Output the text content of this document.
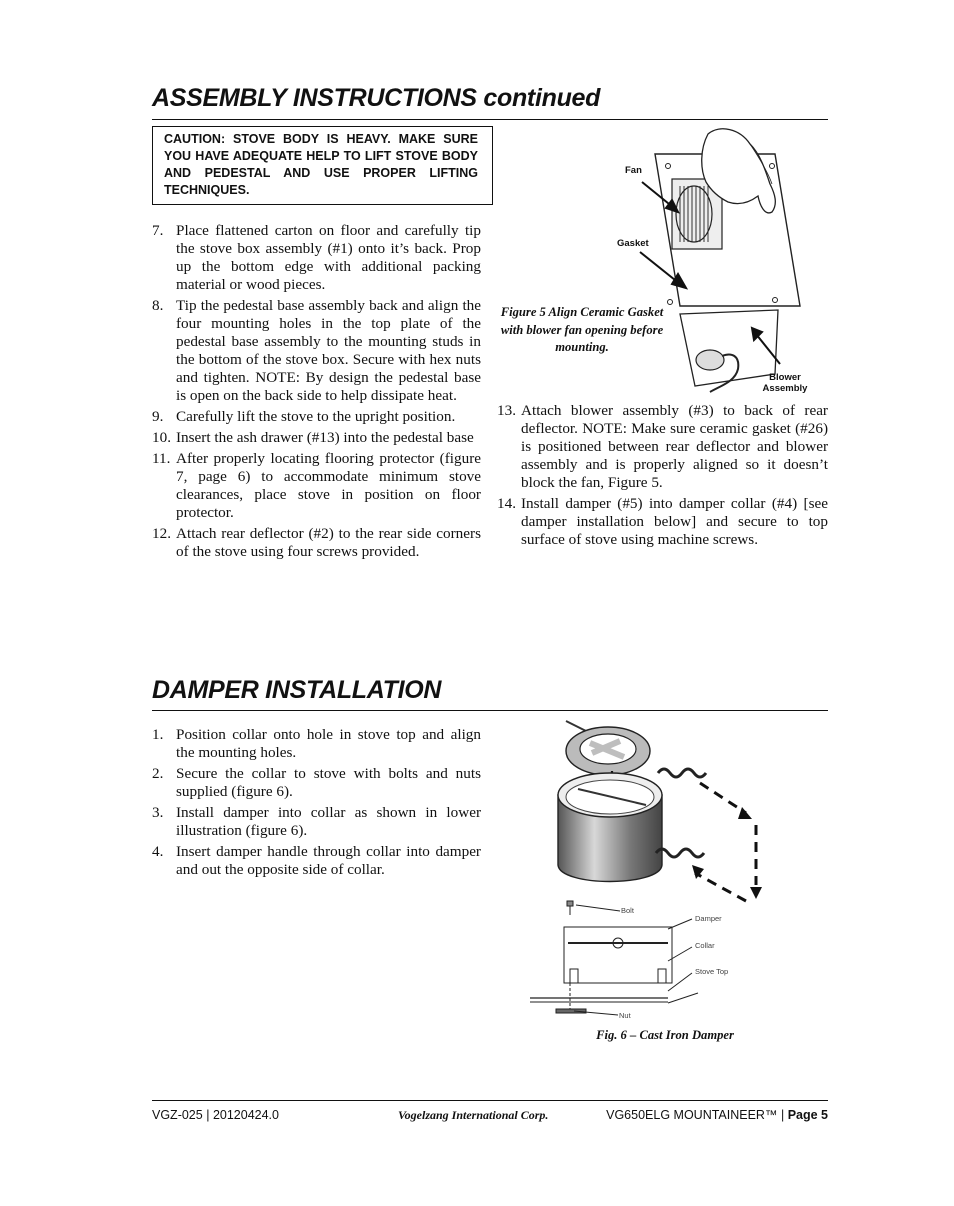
ASSEMBLY INSTRUCTIONS continued
CAUTION: STOVE BODY IS HEAVY. MAKE SURE YOU HAVE ADEQUATE HELP TO LIFT STOVE BODY AND PEDESTAL AND USE PROPER LIFTING TECHNIQUES.
7. Place flattened carton on floor and carefully tip the stove box assembly (#1) onto it’s back. Prop up the bottom edge with additional packing material or wood pieces.
8. Tip the pedestal base assembly back and align the four mounting holes in the top plate of the pedestal base assembly to the mounting studs in the bottom of the stove box. Secure with hex nuts and tighten. NOTE: By design the pedestal base is open on the back side to help dissipate heat.
9. Carefully lift the stove to the upright position.
10. Insert the ash drawer (#13) into the pedestal base
11. After properly locating flooring protector (figure 7, page 6) to accommodate minimum stove clearances, place stove in position on floor protector.
12. Attach rear deflector (#2) to the rear side corners of the stove using four screws provided.
Fan
Gasket
Blower Assembly
Figure 5 Align Ceramic Gasket with blower fan opening before mounting.
13. Attach blower assembly (#3) to back of rear deflector. NOTE: Make sure ceramic gasket (#26) is positioned between rear deflector and blower assembly and is properly aligned so it doesn’t block the fan, Figure 5.
14. Install damper (#5) into damper collar (#4) [see damper installation below] and secure to top surface of stove using machine screws.
DAMPER INSTALLATION
1. Position collar onto hole in stove top and align the mounting holes.
2. Secure the collar to stove with bolts and nuts supplied (figure 6).
3. Install damper into collar as shown in lower illustration (figure 6).
4. Insert damper handle through collar into damper and out the opposite side of collar.
Bolt
Damper
Collar
Stove Top
Nut
Fig. 6 – Cast Iron Damper
VGZ-025 | 20120424.0	Vogelzang International Corp.	VG650ELG MOUNTAINEER™ | Page 5
